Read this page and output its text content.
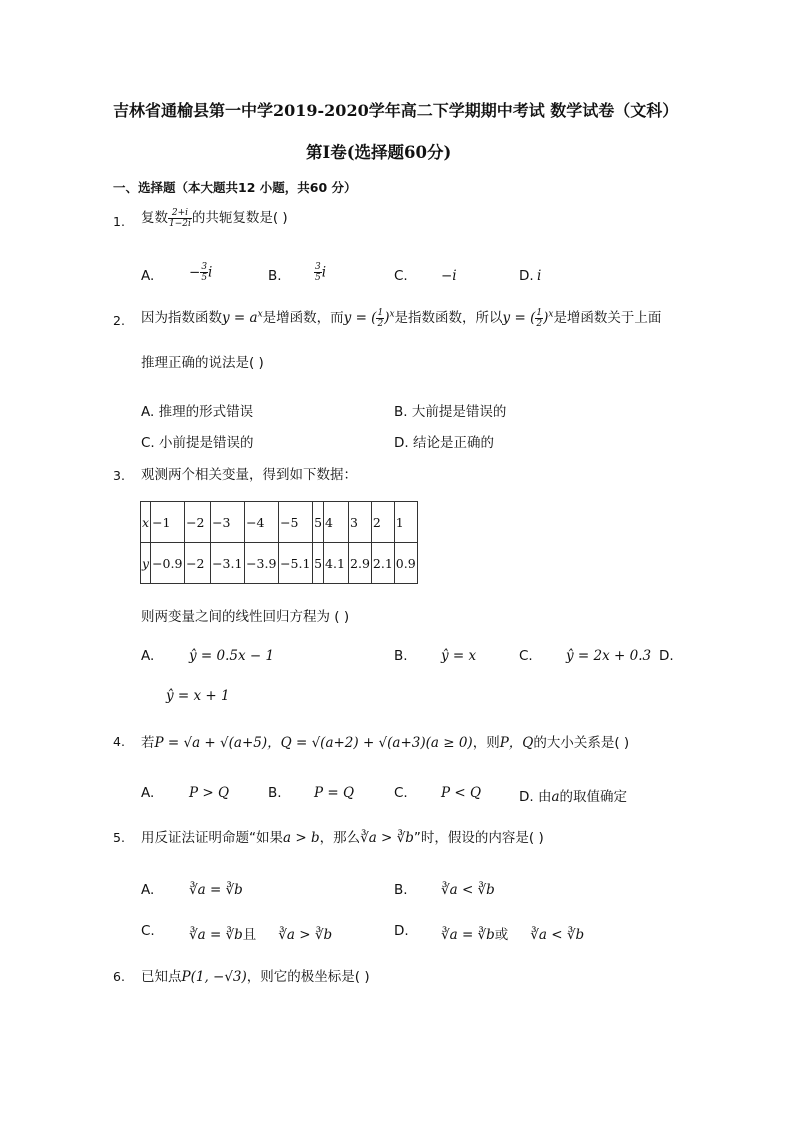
吉林省通榆县第一中学2019-2020学年高二下学期期中考试 数学试卷（文科）
第Ⅰ卷(选择题60分)
一、选择题（本大题共12 小题，共60 分）
1. 复数 $\frac{2+i}{1-2i}$ 的共轭复数是( )
A.	− $\frac{3}{5}$ i	B.	$\frac{3}{5}$ i	C. −i	D. i
2. 因为指数函数$y = a^x$是增函数，而y = ( $\frac{1}{2} )^x$是指数函数，所以y = ( $\frac{1}{2} )^x$是增函数关于上面
推理正确的说法是( )
A. 推理的形式错误	B. 大前提是错误的
C. 小前提是错误的	D. 结论是正确的
3. 观测两个相关变量，得到如下数据：
x	−1	−2	−3	−4	−5	5	4	3	2	1
y	−0.9	−2	−3.1	−3.9	−5.1	5	4.1	2.9	2.1	0.9
则两变量之间的线性回归方程为 ( )
A.	ŷ = 0.5x − 1	B. ŷ = x	C. ŷ = 2x + 0.3 D.
ŷ = x + 1
4. 若P = √a + √(a+5)，Q = √(a+2) + √(a+3)(a ≥ 0)，则P，Q的大小关系是( )
A.	P > Q	B. P = Q	C. P < Q	D. 由a的取值确定
5. 用反证法证明命题“如果a > b，那么∛a > ∛b”时，假设的内容是( )
A.	∛a = ∛b	B. ∛a < ∛b
C.	∛a = ∛b且 ∛a > ∛b	D. ∛a = ∛b或 ∛a < ∛b
6. 已知点P(1, −√3)，则它的极坐标是( )
